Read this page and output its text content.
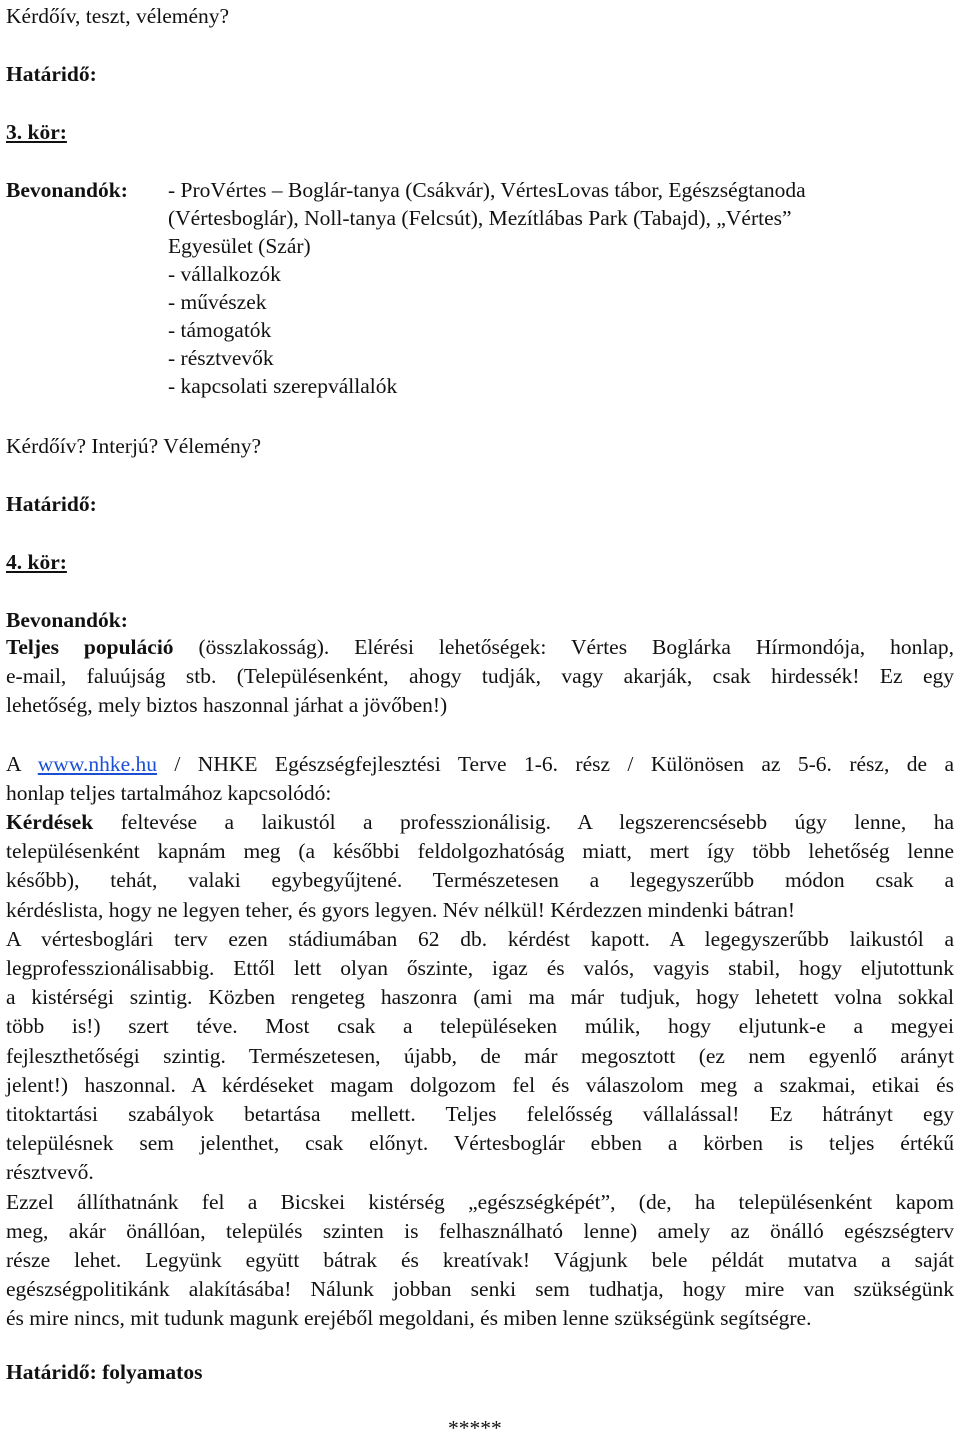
Kérdőív, teszt, vélemény?
Határidő:
3. kör:
Bevonandók: - ProVértes – Boglár-tanya (Csákvár), VértesLovas tábor, Egészségtanoda
(Vértesboglár), Noll-tanya (Felcsút), Mezítlábas Park (Tabajd), „Vértes”
Egyesület (Szár)
- vállalkozók
- művészek
- támogatók
- résztvevők
- kapcsolati szerepvállalók
Kérdőív? Interjú? Vélemény?
Határidő:
4. kör:
Bevonandók:
Teljes populáció (összlakosság). Elérési lehetőségek: Vértes Boglárka Hírmondója, honlap,
e-mail, faluújság stb. (Településenként, ahogy tudják, vagy akarják, csak hirdessék! Ez egy
lehetőség, mely biztos haszonnal járhat a jövőben!)
A www.nhke.hu / NHKE Egészségfejlesztési Terve 1-6. rész / Különösen az 5-6. rész, de a
honlap teljes tartalmához kapcsolódó:
Kérdések feltevése a laikustól a professzionálisig. A legszerencsésebb úgy lenne, ha
településenként kapnám meg (a későbbi feldolgozhatóság miatt, mert így több lehetőség lenne
később), tehát, valaki egybegyűjtené. Természetesen a legegyszerűbb módon csak a
kérdéslista, hogy ne legyen teher, és gyors legyen. Név nélkül! Kérdezzen mindenki bátran!
A vértesboglári terv ezen stádiumában 62 db. kérdést kapott. A legegyszerűbb laikustól a
legprofesszionálisabbig. Ettől lett olyan őszinte, igaz és valós, vagyis stabil, hogy eljutottunk
a kistérségi szintig. Közben rengeteg haszonra (ami ma már tudjuk, hogy lehetett volna sokkal
több is!) szert téve. Most csak a településeken múlik, hogy eljutunk-e a megyei
fejleszthetőségi szintig. Természetesen, újabb, de már megosztott (ez nem egyenlő arányt
jelent!) haszonnal. A kérdéseket magam dolgozom fel és válaszolom meg a szakmai, etikai és
titoktartási szabályok betartása mellett. Teljes felelősség vállalással! Ez hátrányt egy
településnek sem jelenthet, csak előnyt. Vértesboglár ebben a körben is teljes értékű
résztvevő.
Ezzel állíthatnánk fel a Bicskei kistérség „egészségképét”, (de, ha településenként kapom
meg, akár önállóan, település szinten is felhasználható lenne) amely az önálló egészségterv
része lehet. Legyünk együtt bátrak és kreatívak! Vágjunk bele példát mutatva a saját
egészségpolitikánk alakításába! Nálunk jobban senki sem tudhatja, hogy mire van szükségünk
és mire nincs, mit tudunk magunk erejéből megoldani, és miben lenne szükségünk segítségre.
Határidő: folyamatos
*****
